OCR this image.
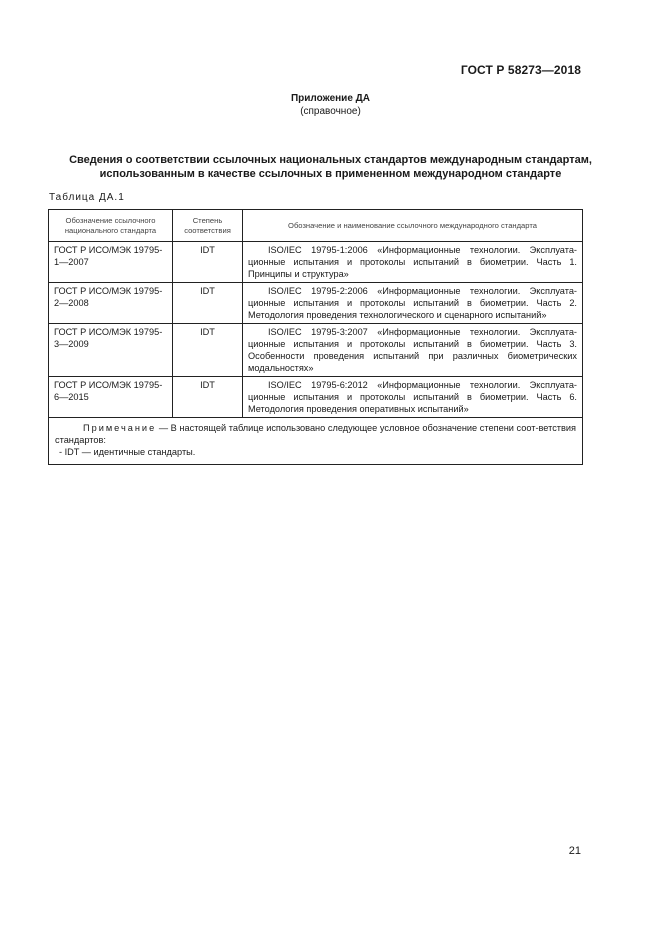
ГОСТ Р 58273—2018
Приложение ДА
(справочное)
Сведения о соответствии ссылочных национальных стандартов международным стандартам,
использованным в качестве ссылочных в примененном международном стандарте
Таблица ДА.1
Обозначение ссылочного национального стандарта	Степень соответствия	Обозначение и наименование ссылочного международного стандарта
ГОСТ Р ИСО/МЭК 19795-1—2007	IDT	ISO/IEC 19795-1:2006 «Информационные технологии. Эксплуата-ционные испытания и протоколы испытаний в биометрии. Часть 1. Принципы и структура»

ГОСТ Р ИСО/МЭК 19795-2—2008	IDT	ISO/IEC 19795-2:2006 «Информационные технологии. Эксплуата-ционные испытания и протоколы испытаний в биометрии. Часть 2. Методология проведения технологического и сценарного испытаний»

ГОСТ Р ИСО/МЭК 19795-3—2009	IDT	ISO/IEC 19795-3:2007 «Информационные технологии. Эксплуата-ционные испытания и протоколы испытаний в биометрии. Часть 3. Особенности проведения испытаний при различных биометрических модальностях»

ГОСТ Р ИСО/МЭК 19795-6—2015	IDT	ISO/IEC 19795-6:2012 «Информационные технологии. Эксплуата-ционные испытания и протоколы испытаний в биометрии. Часть 6. Методология проведения оперативных испытаний»

Примечание — В настоящей таблице использовано следующее условное обозначение степени соот-ветствия стандартов:
- IDT — идентичные стандарты.		
21
